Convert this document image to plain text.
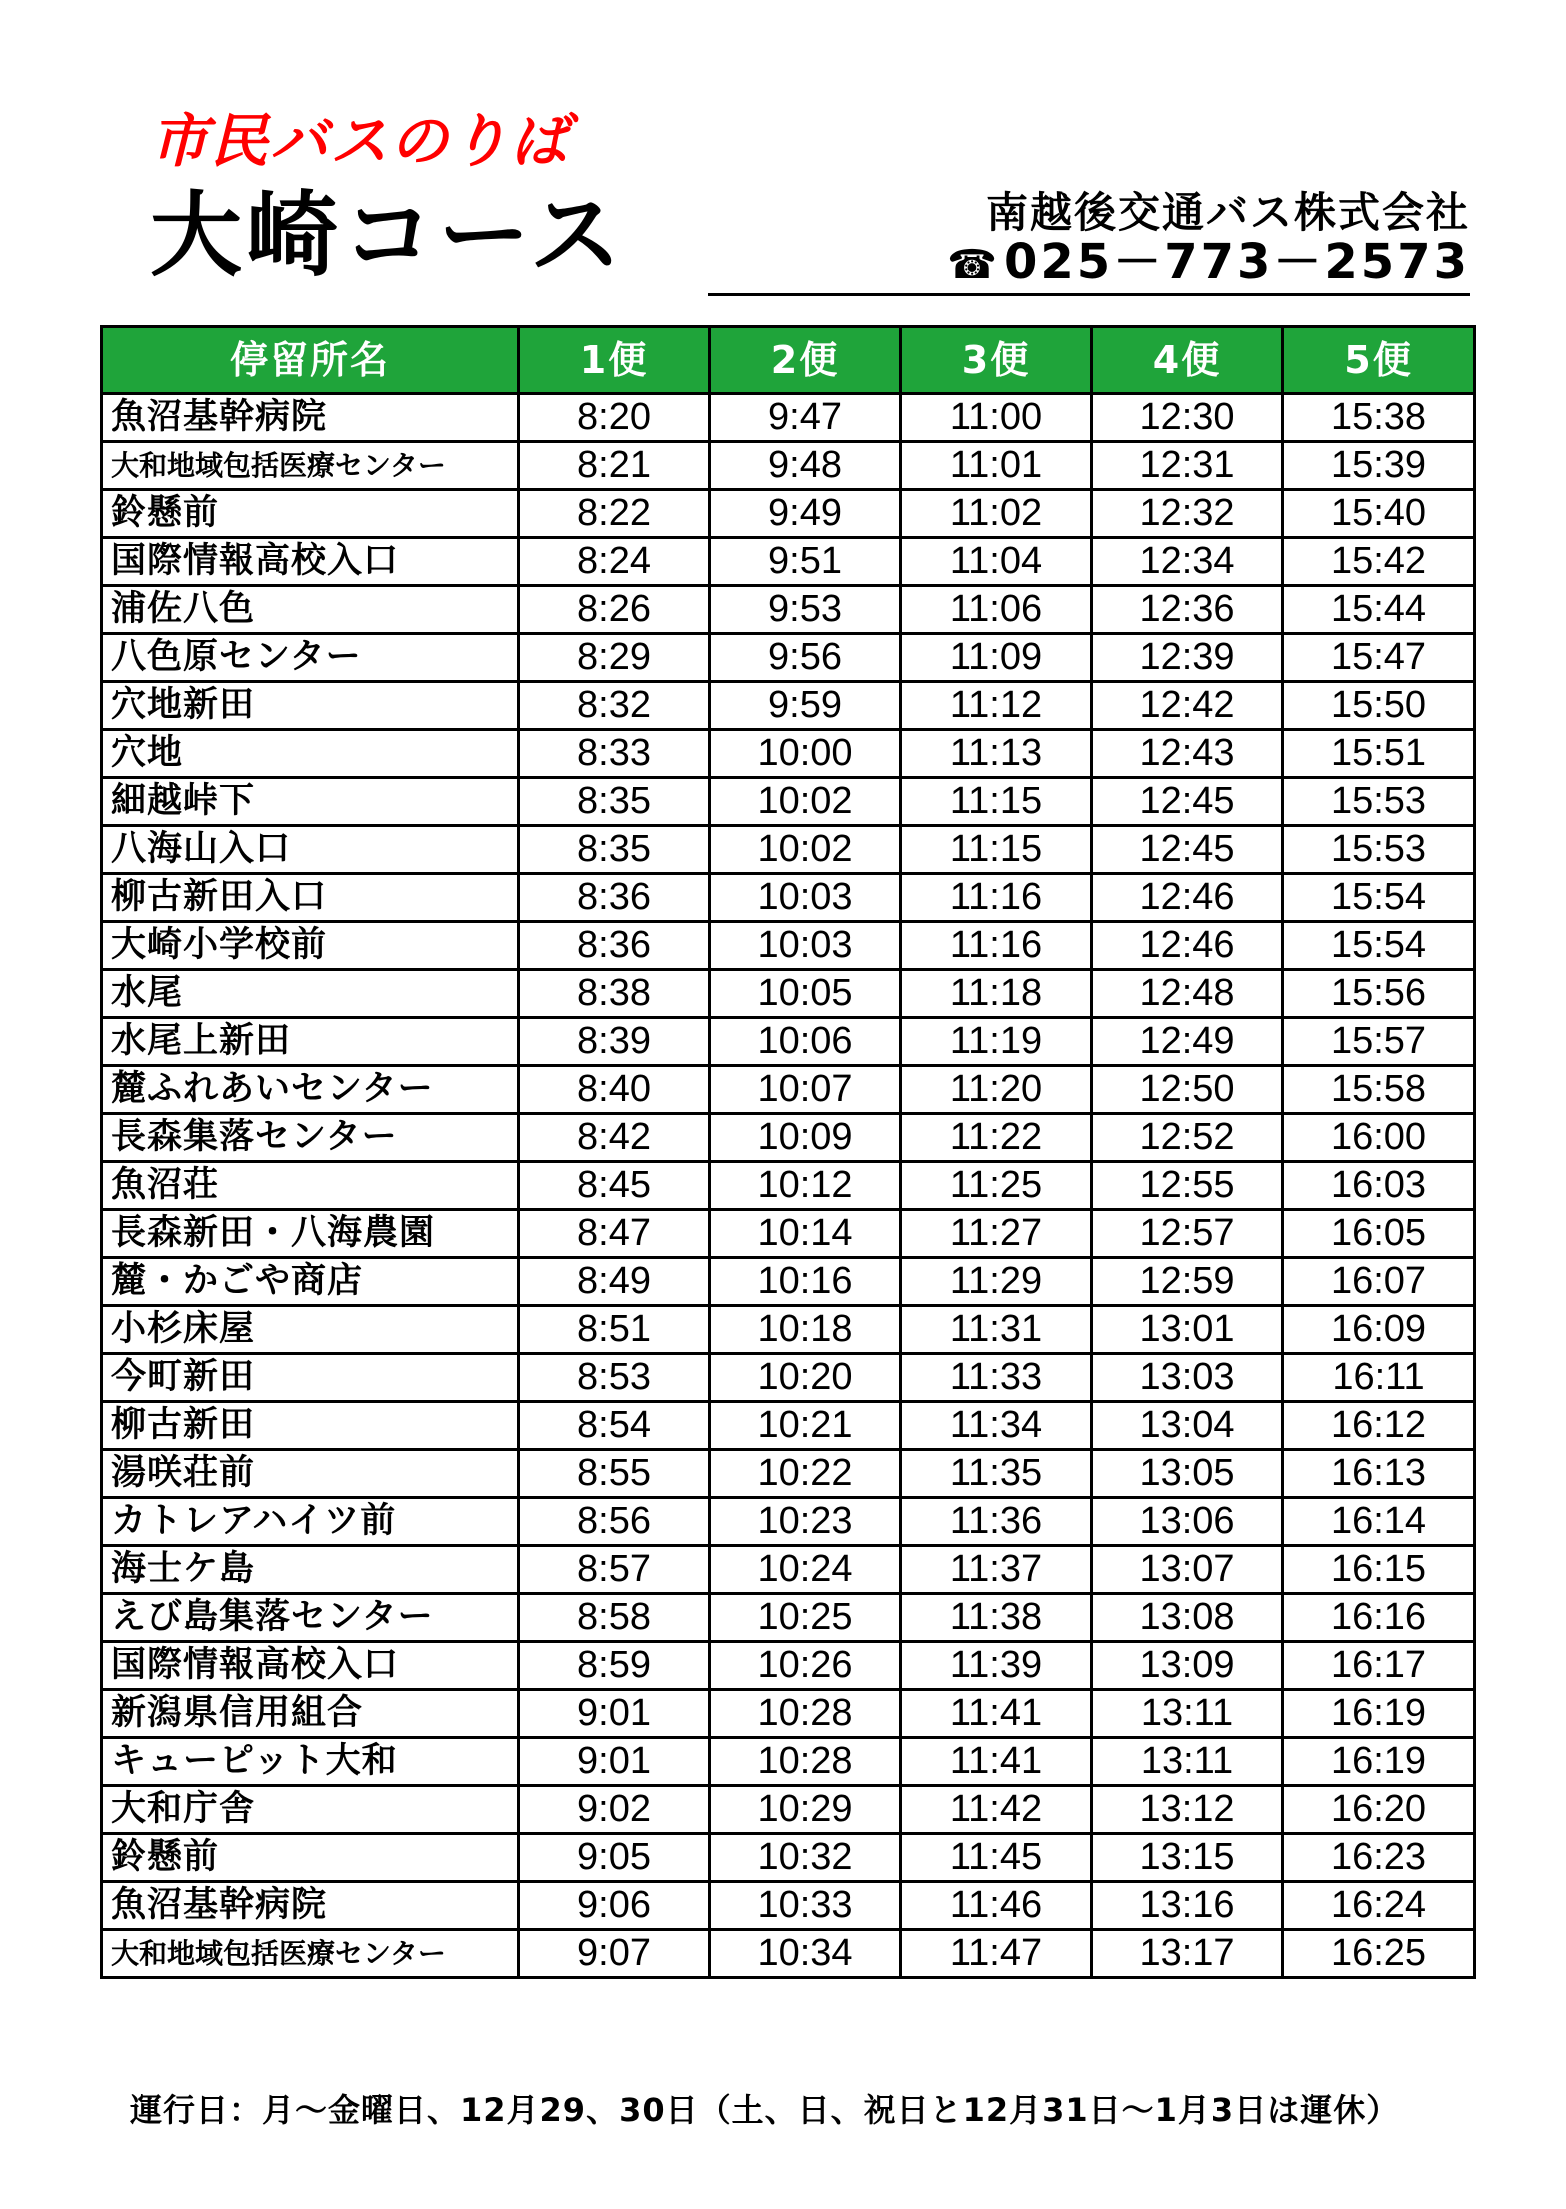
市民バスのりば
大崎コース	南越後交通バス株式会社
☎025－773－2573
停留所名	1便	2便	3便	4便	5便
魚沼基幹病院	8:20	9:47	11:00	12:30	15:38
大和地域包括医療センター	8:21	9:48	11:01	12:31	15:39
鈴懸前	8:22	9:49	11:02	12:32	15:40
国際情報高校入口	8:24	9:51	11:04	12:34	15:42
浦佐八色	8:26	9:53	11:06	12:36	15:44
八色原センター	8:29	9:56	11:09	12:39	15:47
穴地新田	8:32	9:59	11:12	12:42	15:50
穴地	8:33	10:00	11:13	12:43	15:51
細越峠下	8:35	10:02	11:15	12:45	15:53
八海山入口	8:35	10:02	11:15	12:45	15:53
柳古新田入口	8:36	10:03	11:16	12:46	15:54
大崎小学校前	8:36	10:03	11:16	12:46	15:54
水尾	8:38	10:05	11:18	12:48	15:56
水尾上新田	8:39	10:06	11:19	12:49	15:57
麓ふれあいセンター	8:40	10:07	11:20	12:50	15:58
長森集落センター	8:42	10:09	11:22	12:52	16:00
魚沼荘	8:45	10:12	11:25	12:55	16:03
長森新田・八海農園	8:47	10:14	11:27	12:57	16:05
麓・かごや商店	8:49	10:16	11:29	12:59	16:07
小杉床屋	8:51	10:18	11:31	13:01	16:09
今町新田	8:53	10:20	11:33	13:03	16:11
柳古新田	8:54	10:21	11:34	13:04	16:12
湯咲荘前	8:55	10:22	11:35	13:05	16:13
カトレアハイツ前	8:56	10:23	11:36	13:06	16:14
海士ケ島	8:57	10:24	11:37	13:07	16:15
えび島集落センター	8:58	10:25	11:38	13:08	16:16
国際情報高校入口	8:59	10:26	11:39	13:09	16:17
新潟県信用組合	9:01	10:28	11:41	13:11	16:19
キューピット大和	9:01	10:28	11:41	13:11	16:19
大和庁舎	9:02	10:29	11:42	13:12	16:20
鈴懸前	9:05	10:32	11:45	13:15	16:23
魚沼基幹病院	9:06	10:33	11:46	13:16	16:24
大和地域包括医療センター	9:07	10:34	11:47	13:17	16:25
運行日：月～金曜日、12月29、30日（土、日、祝日と12月31日～1月3日は運休）
